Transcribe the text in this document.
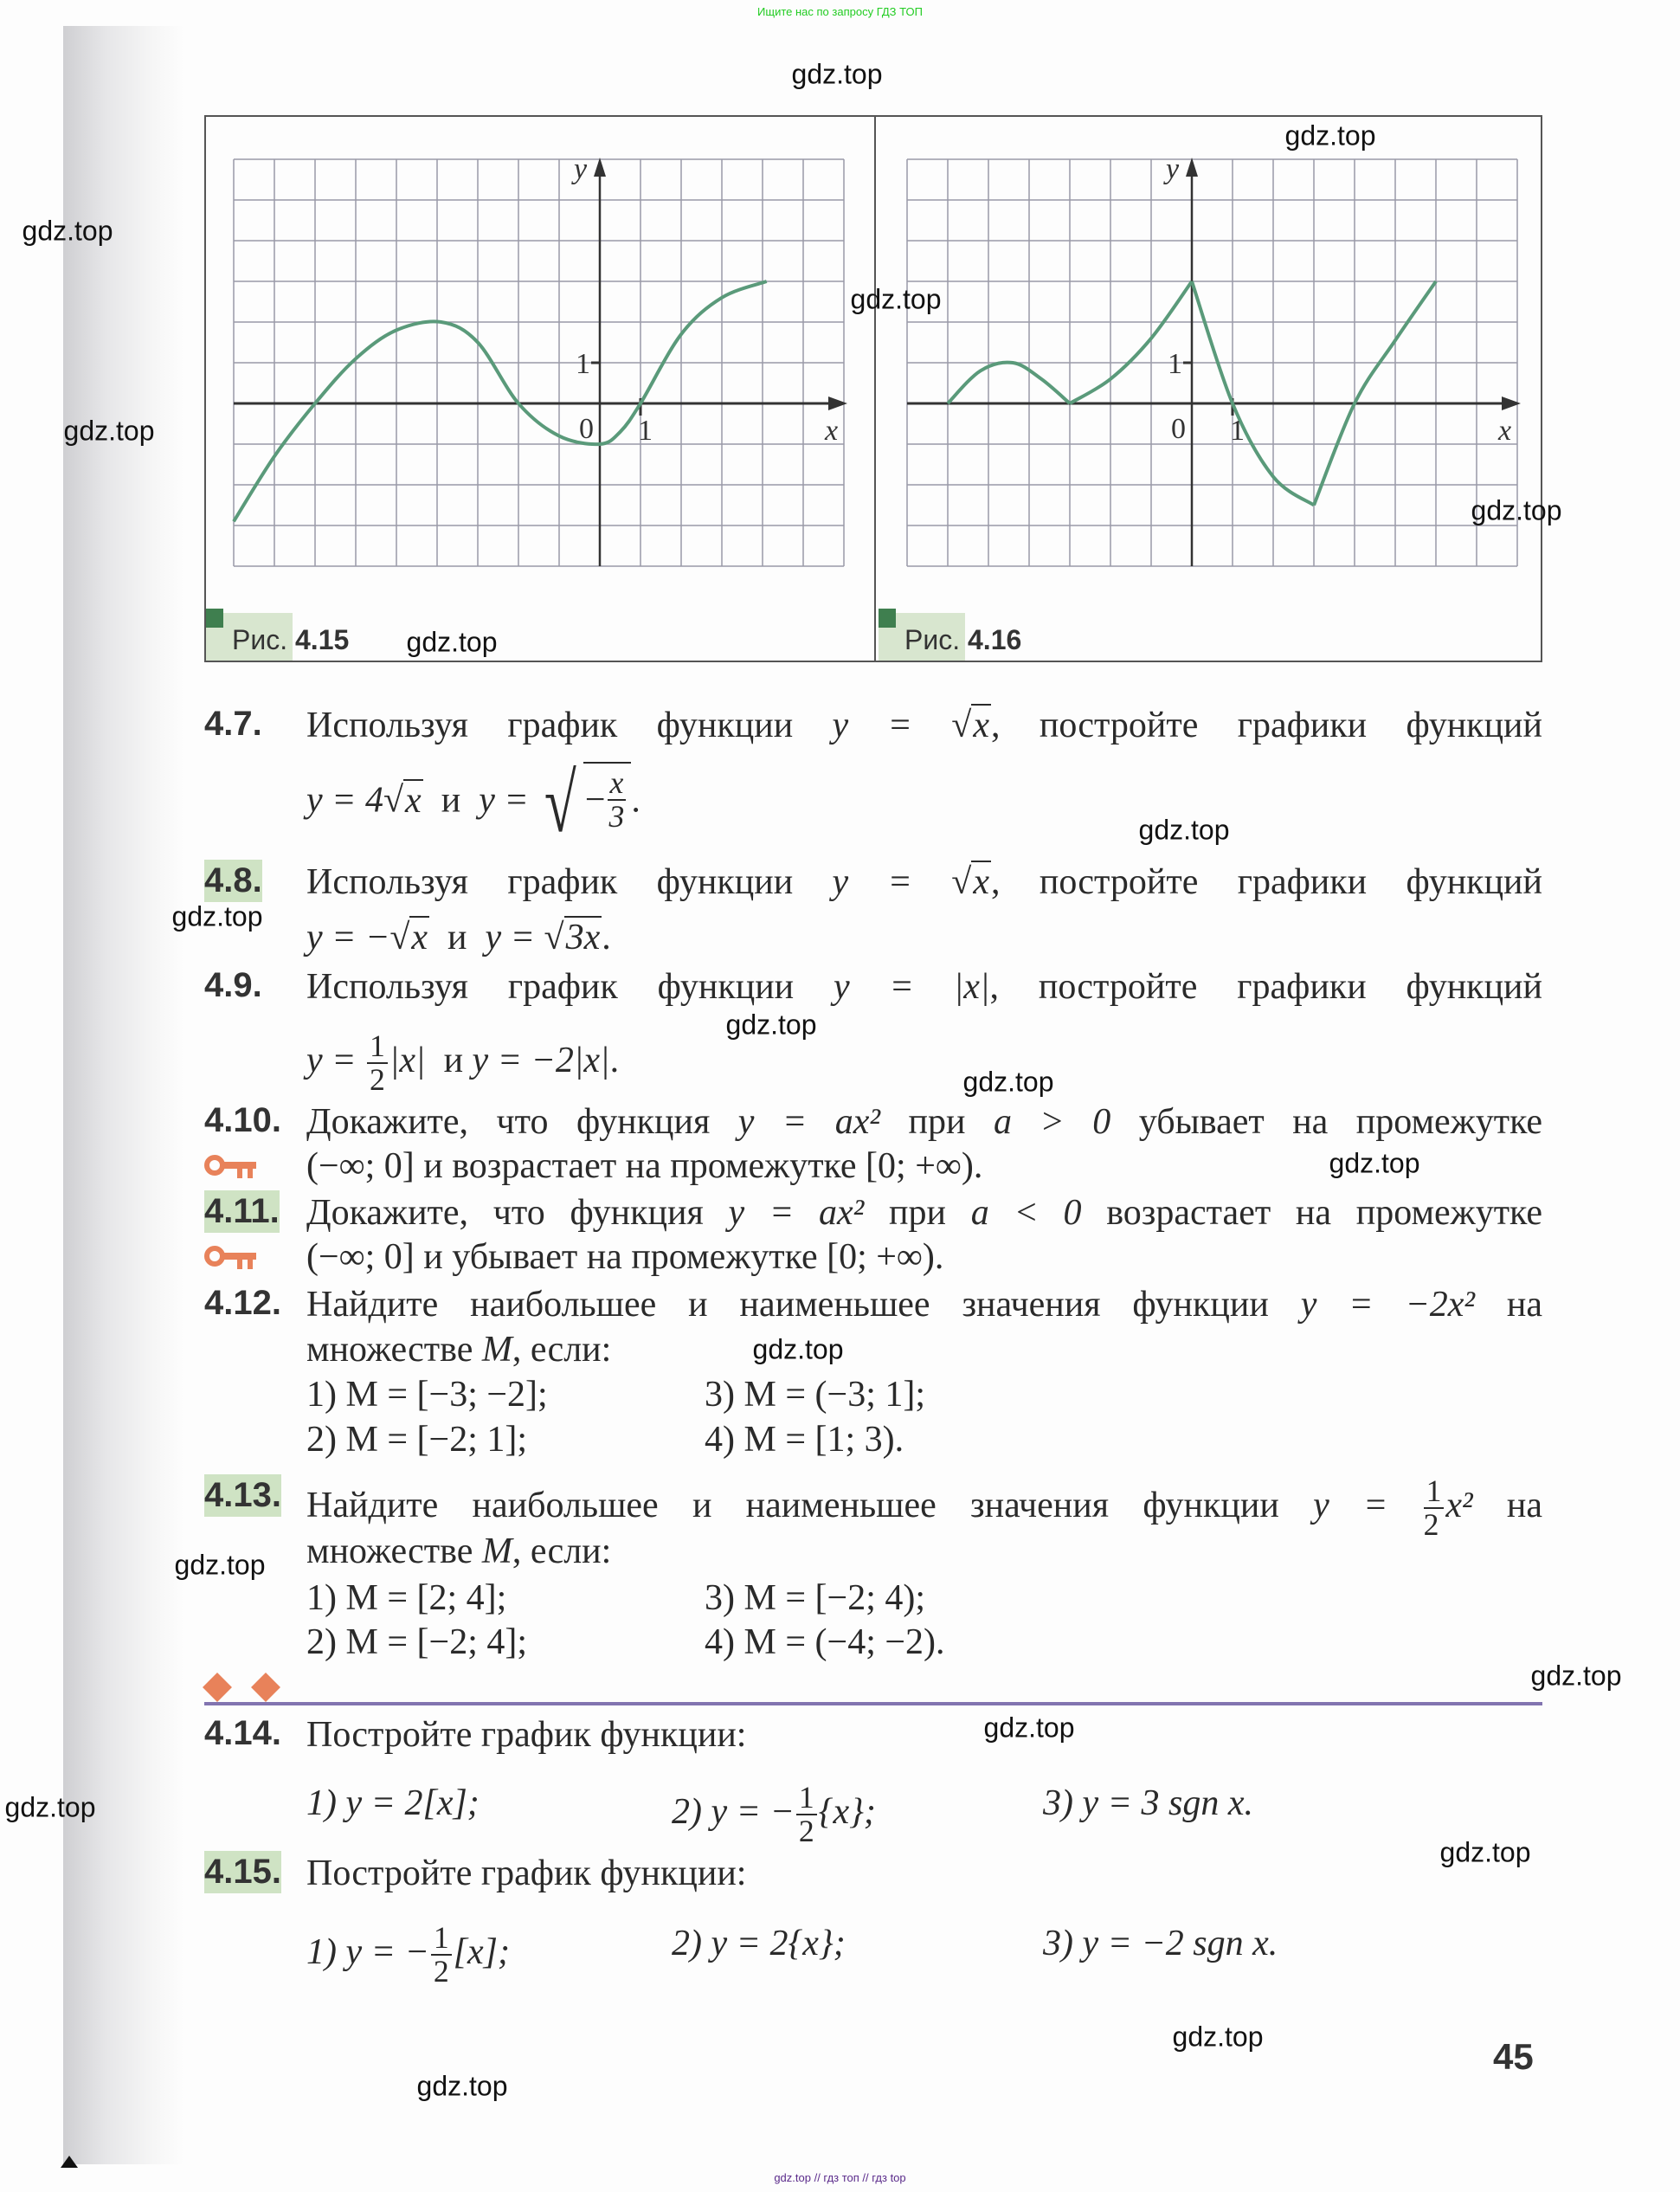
Ищите нас по запросу ГДЗ ТОП
y
x
0 1
1
Рис. 4.15
y
x
0 1
1
Рис. 4.16
4.7. Используя график функции y = √x, постройте графики функций
y = 4√x и y = √ − $\frac{x}{3}$ .
4.8. Используя график функции y = √x, постройте графики функций
y = −√x и y = √3x.
4.9. Используя график функции y = |x|, постройте графики функций
$y = \frac{1}{2} |x|$ и y = −2|x|.
4.10. Докажите, что функция y = ax² при a > 0 убывает на промежутке
(−∞; 0] и возрастает на промежутке [0; +∞).
4.11. Докажите, что функция y = ax² при a < 0 возрастает на промежутке
(−∞; 0] и убывает на промежутке [0; +∞).
4.12. Найдите наибольшее и наименьшее значения функции y = −2x² на
множестве M, если:
1) M = [−3; −2];	3) M = (−3; 1];
2) M = [−2; 1];	4) M = [1; 3).
4.13. Найдите наибольшее и наименьшее значения функции $y = \frac{1}{2} x^2$ на
множестве M, если:
1) M = [2; 4];	3) M = [−2; 4);
2) M = [−2; 4];	4) M = (−4; −2).
4.14. Постройте график функции:
1) y = 2[x];	2) y = − $\frac{1}{2} \{x\}$;	3) y = 3 sgn x.
4.15. Постройте график функции:
1) y = − $\frac{1}{2} [x]$;	2) y = 2{x};	3) y = −2 sgn x.
45
gdz.top
gdz.top
gdz.top
gdz.top
gdz.top
gdz.top
gdz.top
gdz.top
gdz.top
gdz.top
gdz.top
gdz.top
gdz.top
gdz.top
gdz.top
gdz.top
gdz.top
gdz.top
gdz.top
gdz.top
gdz.top // гдз топ // гдз top
